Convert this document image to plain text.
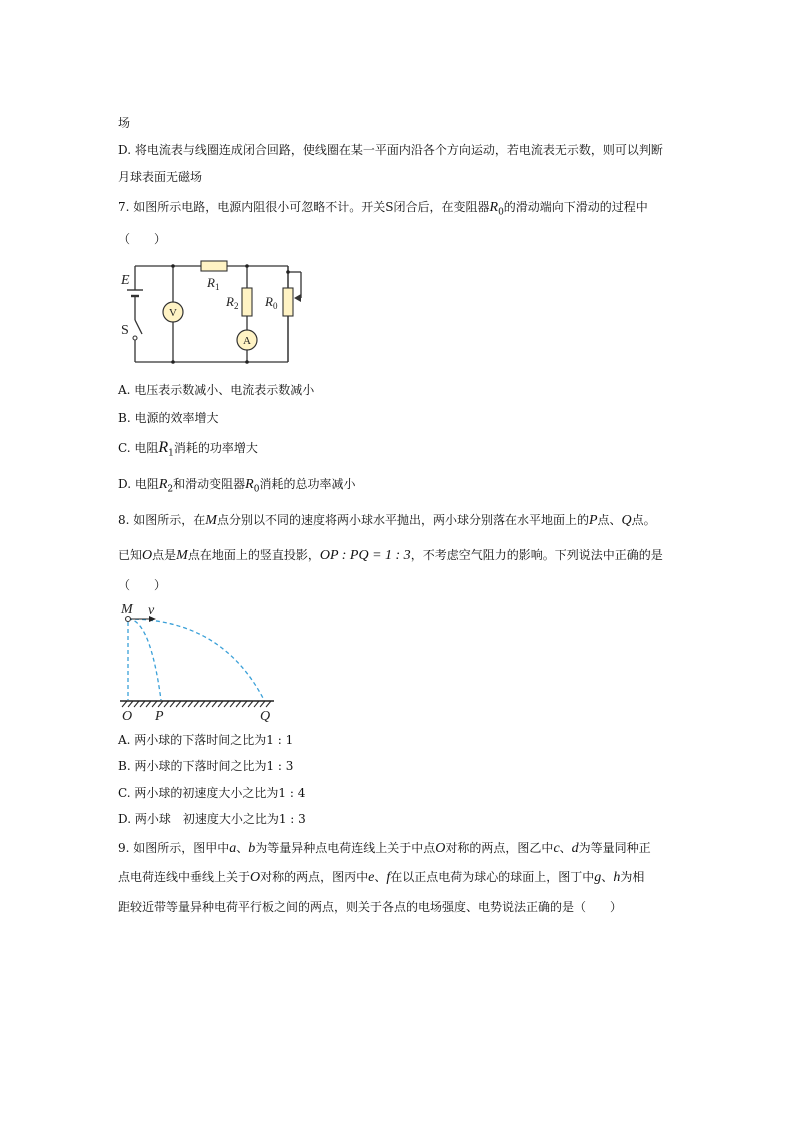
场
D. 将电流表与线圈连成闭合回路，使线圈在某一平面内沿各个方向运动，若电流表无示数，则可以判断
月球表面无磁场
7. 如图所示电路，电源内阻很小可忽略不计。开关S闭合后，在变阻器$R_0$的滑动端向下滑动的过程中
（　　）
V
A
E
S
$R_1$
$R_2$ $R_0$
A. 电压表示数减小、电流表示数减小
B. 电源的效率增大
C. 电阻$R_1$消耗的功率增大
D. 电阻$R_2$和滑动变阻器$R_0$消耗的总功率减小
8. 如图所示，在M点分别以不同的速度将两小球水平抛出，两小球分别落在水平地面上的P点、Q点。
已知O点是M点在地面上的竖直投影，OP : PQ = 1 : 3，不考虑空气阻力的影响。下列说法中正确的是
（　　）
M v
O P	Q
A. 两小球的下落时间之比为1 : 1
B. 两小球的下落时间之比为1 : 3
C. 两小球的初速度大小之比为1 : 4
D. 两小球　初速度大小之比为1 : 3
9. 如图所示，图甲中a、b为等量异种点电荷连线上关于中点O对称的两点，图乙中c、d为等量同种正
点电荷连线中垂线上关于O对称的两点，图丙中e、f在以正点电荷为球心的球面上，图丁中g、h为相
距较近带等量异种电荷平行板之间的两点，则关于各点的电场强度、电势说法正确的是（　　）
